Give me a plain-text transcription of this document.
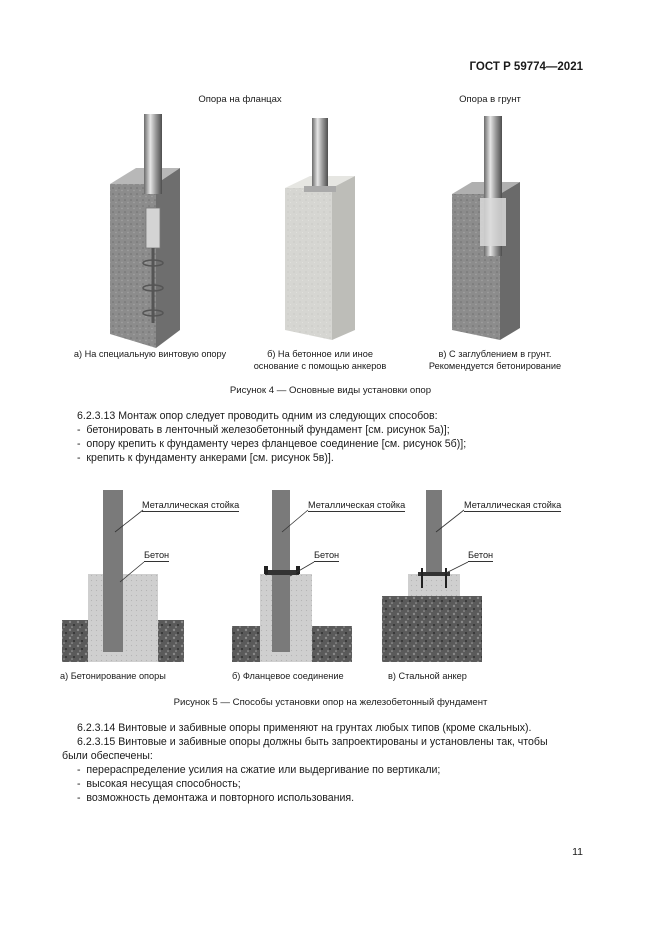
ГОСТ Р 59774—2021
Опора на фланцах	Опора в грунт
а) На специальную винтовую опору	б) На бетонное или иное
основание с помощью анкеров
в) С заглублением в грунт.
Рекомендуется бетонирование
Рисунок 4 — Основные виды установки опор
6.2.3.13 Монтаж опор следует проводить одним из следующих способов:
-  бетонировать в ленточный железобетонный фундамент [см. рисунок 5а)];
-  опору крепить к фундаменту через фланцевое соединение [см. рисунок 5б)];
-  крепить к фундаменту анкерами [см. рисунок 5в)].
Металлическая стойка
Бетон
Металлическая стойка
Бетон
Металлическая стойка
Бетон
а) Бетонирование опоры	б) Фланцевое соединение	в) Стальной анкер
Рисунок 5 — Способы установки опор на железобетонный фундамент
6.2.3.14 Винтовые и забивные опоры применяют на грунтах любых типов (кроме скальных).
6.2.3.15 Винтовые и забивные опоры должны быть запроектированы и установлены так, чтобы
были обеспечены:
-  перераспределение усилия на сжатие или выдергивание по вертикали;
-  высокая несущая способность;
-  возможность демонтажа и повторного использования.
11
